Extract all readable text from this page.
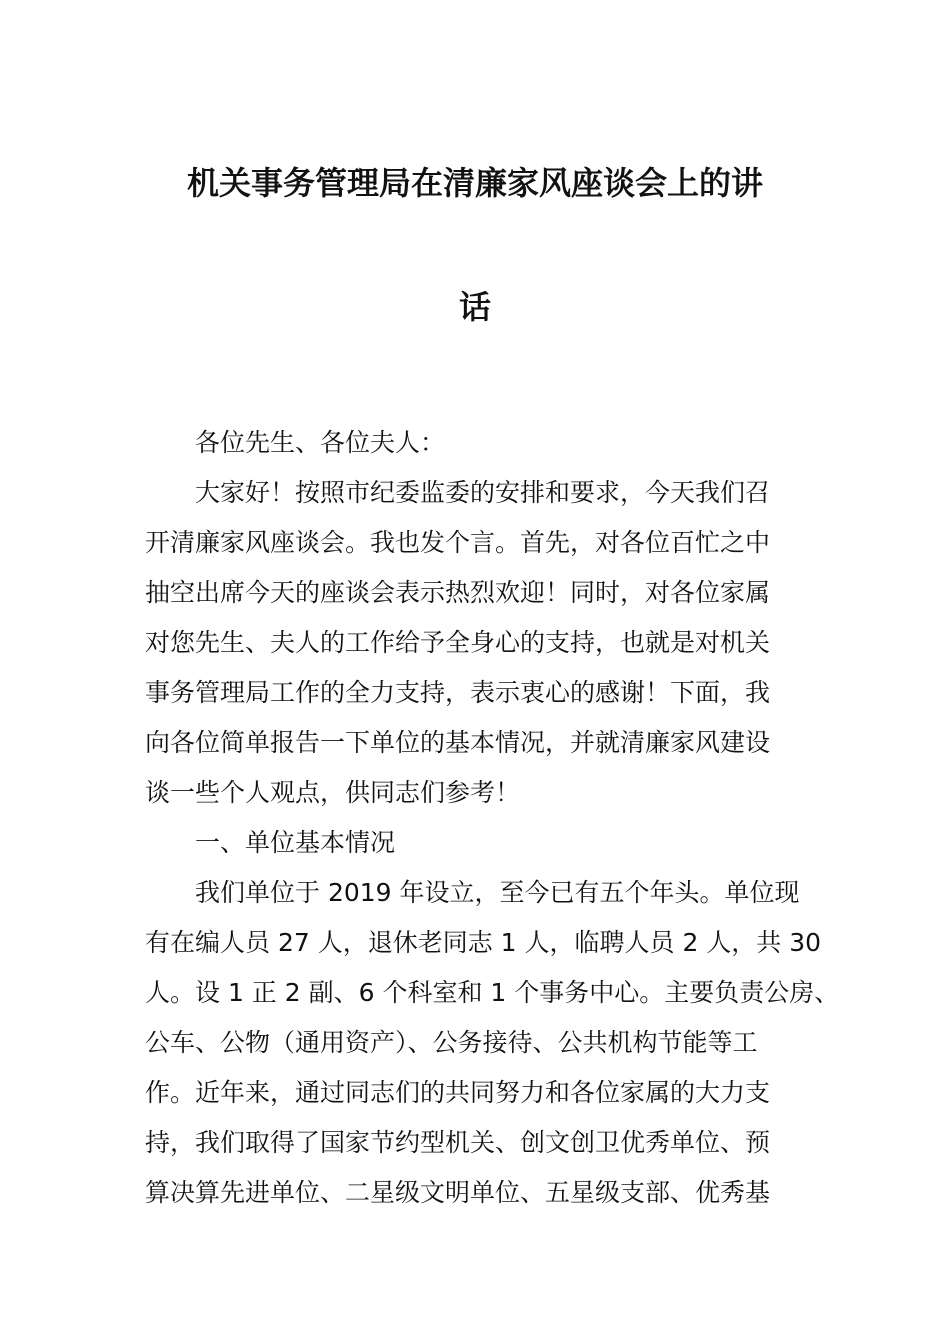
机关事务管理局在清廉家风座谈会上的讲
话
各位先生、各位夫人：
大家好！按照市纪委监委的安排和要求，今天我们召
开清廉家风座谈会。我也发个言。首先，对各位百忙之中
抽空出席今天的座谈会表示热烈欢迎！同时，对各位家属
对您先生、夫人的工作给予全身心的支持，也就是对机关
事务管理局工作的全力支持，表示衷心的感谢！下面，我
向各位简单报告一下单位的基本情况，并就清廉家风建设
谈一些个人观点，供同志们参考！
一、单位基本情况
我们单位于 2019 年设立，至今已有五个年头。单位现
有在编人员 27 人，退休老同志 1 人，临聘人员 2 人，共 30
人。设 1 正 2 副、6 个科室和 1 个事务中心。主要负责公房、
公车、公物（通用资产）、公务接待、公共机构节能等工
作。近年来，通过同志们的共同努力和各位家属的大力支
持，我们取得了国家节约型机关、创文创卫优秀单位、预
算决算先进单位、二星级文明单位、五星级支部、优秀基
